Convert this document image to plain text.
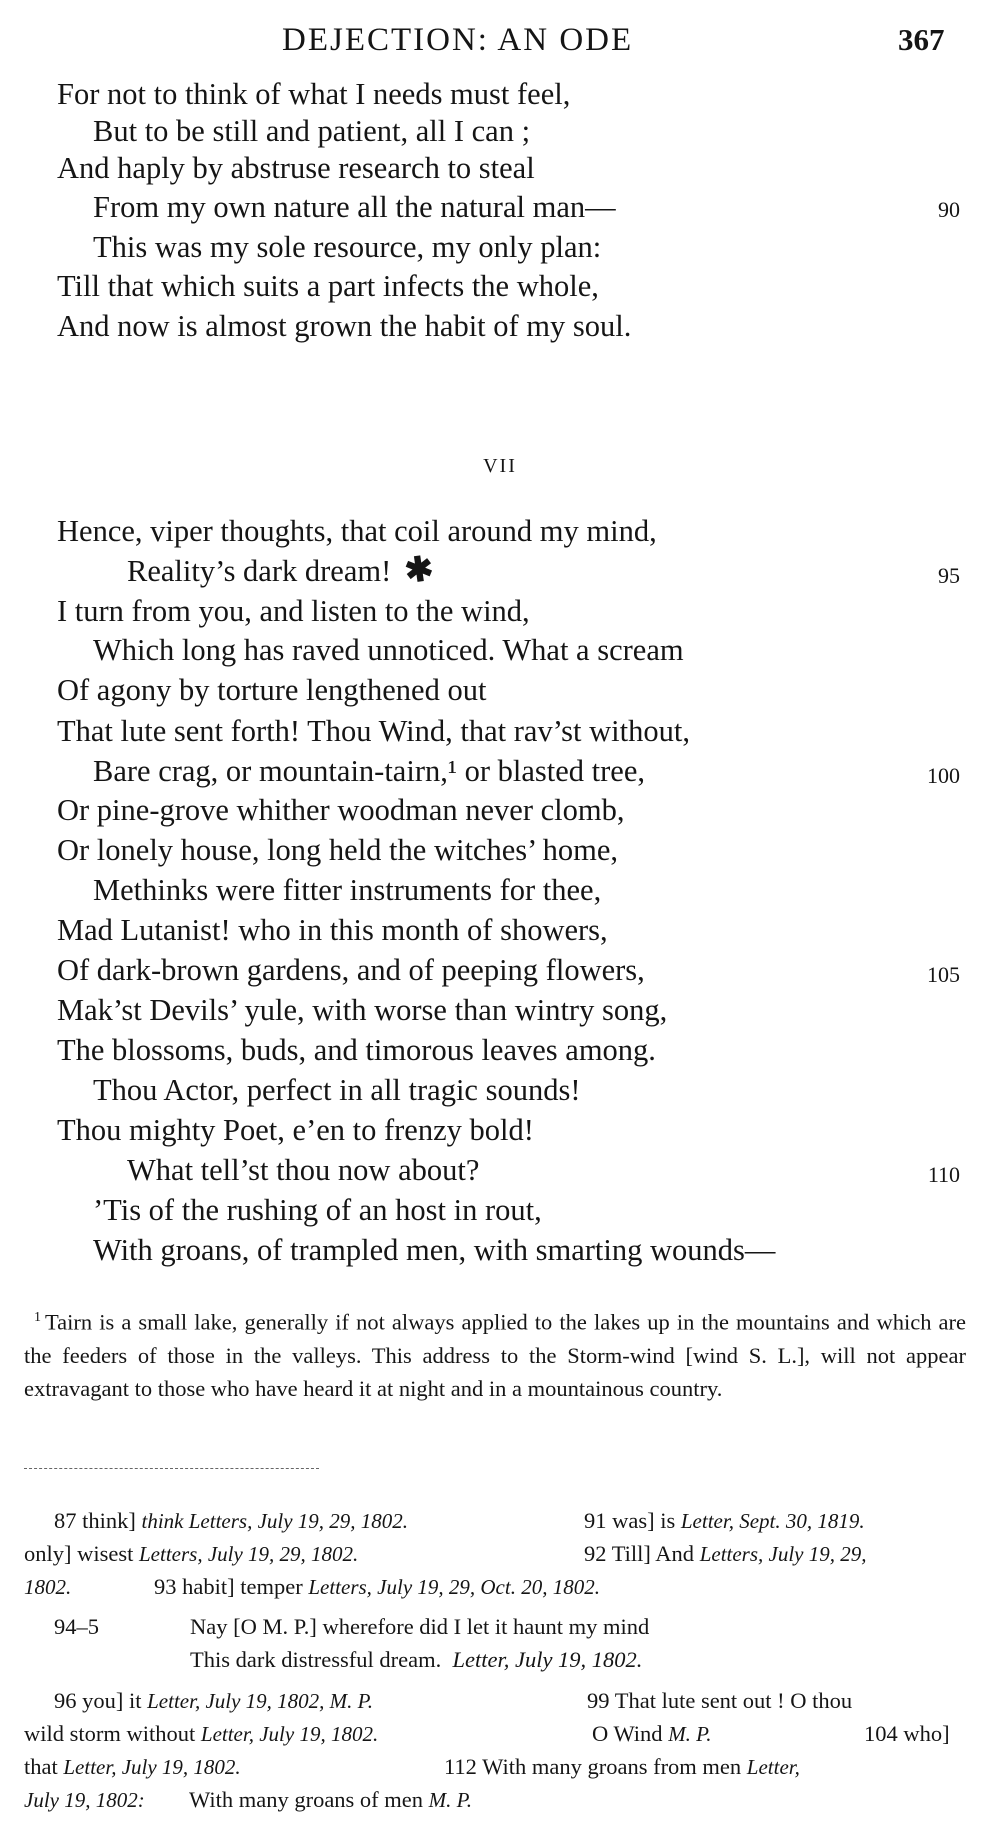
DEJECTION: AN ODE	367
For not to think of what I needs must feel,
But to be still and patient, all I can ;
And haply by abstruse research to steal
From my own nature all the natural man—	90
This was my sole resource, my only plan:
Till that which suits a part infects the whole,
And now is almost grown the habit of my soul.
VII
Hence, viper thoughts, that coil around my mind,
Reality’s dark dream! ✱	95
I turn from you, and listen to the wind,
Which long has raved unnoticed. What a scream
Of agony by torture lengthened out
That lute sent forth! Thou Wind, that rav’st without,
Bare crag, or mountain-tairn,¹ or blasted tree,	100
Or pine-grove whither woodman never clomb,
Or lonely house, long held the witches’ home,
Methinks were fitter instruments for thee,
Mad Lutanist! who in this month of showers,
Of dark-brown gardens, and of peeping flowers,	105
Mak’st Devils’ yule, with worse than wintry song,
The blossoms, buds, and timorous leaves among.
Thou Actor, perfect in all tragic sounds!
Thou mighty Poet, e’en to frenzy bold!
What tell’st thou now about?	110
’Tis of the rushing of an host in rout,
With groans, of trampled men, with smarting wounds—
$^1$ Tairn is a small lake, generally if not always applied to the lakes up in the mountains and which are the feeders of those in the valleys. This address to the Storm-wind [wind S. L.], will not appear extravagant to those who have heard it at night and in a mountainous country.
87 think] think Letters, July 19, 29, 1802.	91 was] is Letter, Sept. 30, 1819.
only] wisest Letters, July 19, 29, 1802.	92 Till] And Letters, July 19, 29,
1802.	93 habit] temper Letters, July 19, 29, Oct. 20, 1802.
94–5	Nay [O M. P.] wherefore did I let it haunt my mind
This dark distressful dream. Letter, July 19, 1802.
96 you] it Letter, July 19, 1802, M. P.	99 That lute sent out ! O thou
wild storm without Letter, July 19, 1802.	O Wind M. P.	104 who]
that Letter, July 19, 1802.	112 With many groans from men Letter,
July 19, 1802: With many groans of men M. P.
